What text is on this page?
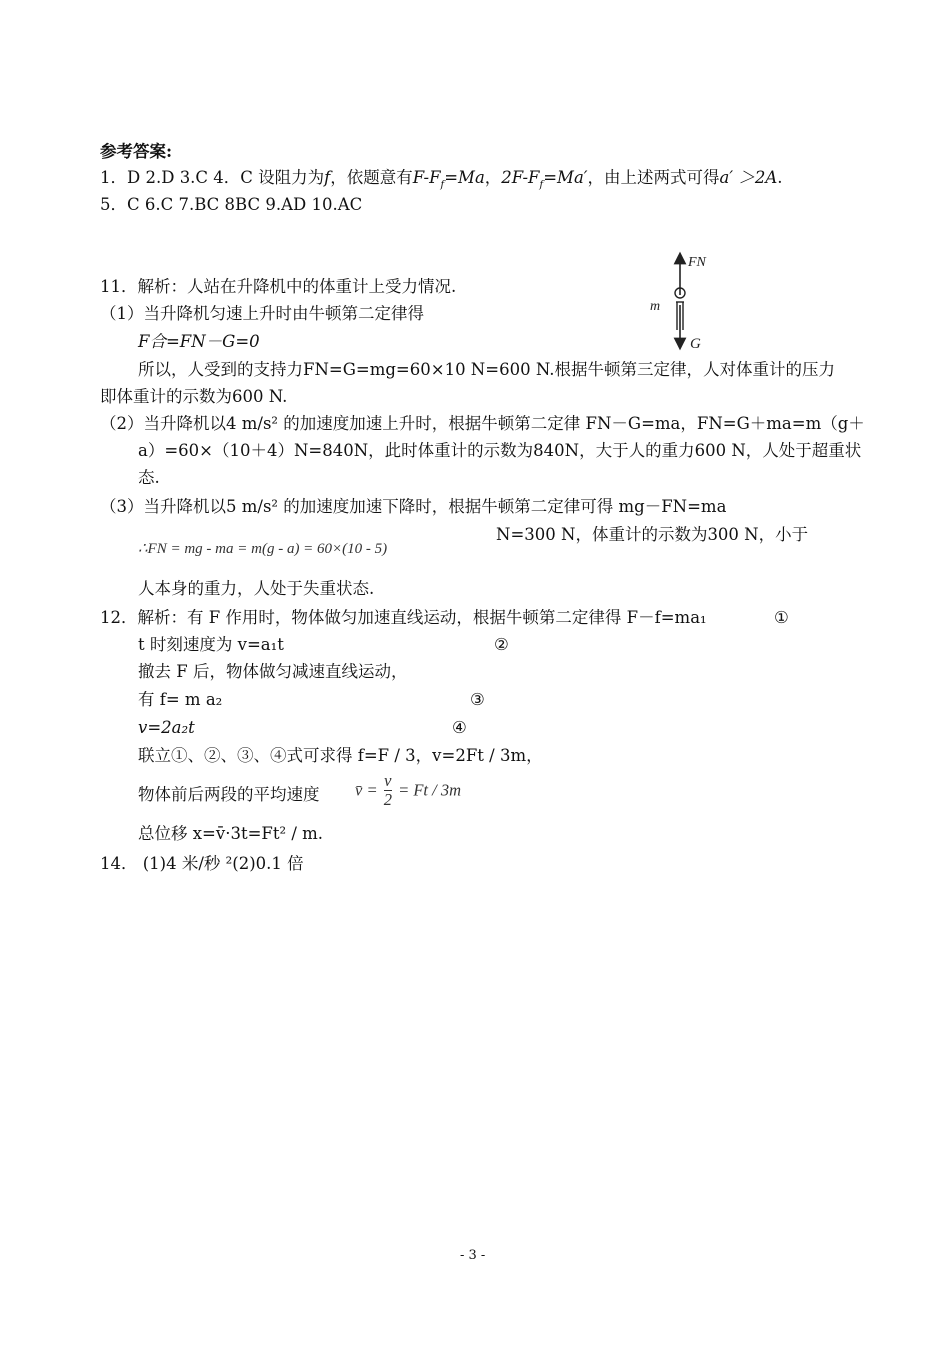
参考答案:
1．D 2.D 3.C 4．C 设阻力为f，依题意有$F-F_f=Ma$，$2F-F_f=Ma'$，由上述两式可得a′ ＞2A.
5．C 6.C 7.BC 8BC 9.AD 10.AC
11．解析：人站在升降机中的体重计上受力情况.
（1）当升降机匀速上升时由牛顿第二定律得
F合=FN－G=0
所以，人受到的支持力FN=G=mg=60×10 N=600 N.根据牛顿第三定律，人对体重计的压力
即体重计的示数为600 N.
（2）当升降机以4 m/s² 的加速度加速上升时，根据牛顿第二定律 FN－G=ma，FN=G＋ma=m（g＋
a）=60×（10＋4）N=840N，此时体重计的示数为840N，大于人的重力600 N，人处于超重状
态.
（3）当升降机以5 m/s² 的加速度加速下降时，根据牛顿第二定律可得 mg－FN=ma
∴FN = mg - ma = m(g - a) = 60×(10 - 5)
N=300 N，体重计的示数为300 N，小于
人本身的重力，人处于失重状态.
FN
m
G
12．解析：有 F 作用时，物体做匀加速直线运动，根据牛顿第二定律得 F－f=ma₁	①
t 时刻速度为 v=a₁t	②
撤去 F 后，物体做匀减速直线运动，
有 f= m a₂	③
v=2a₂t	④
联立①、②、③、④式可求得 f=F / 3，v=2Ft / 3m，
物体前后两段的平均速度 v̄ = $\frac{v}{2} = Ft / 3m$
总位移 x=v̄·3t=Ft² / m.
14． (1)4 米/秒 ²(2)0.1 倍
- 3 -
